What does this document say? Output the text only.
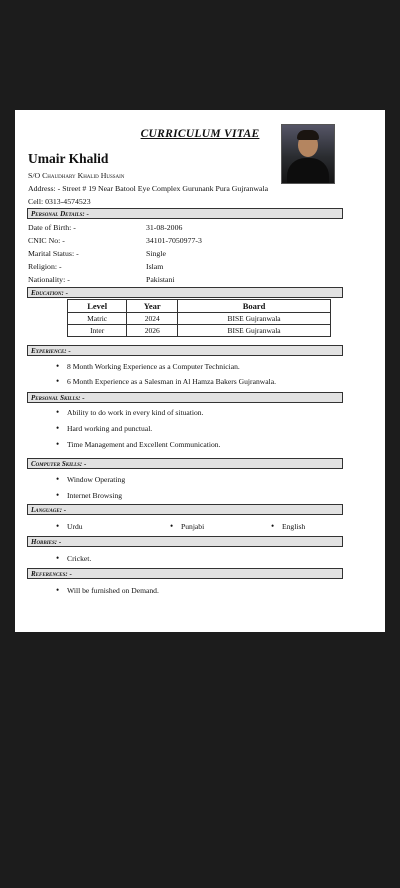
CURRICULUM VITAE
Umair Khalid
S/O Chaudhary Khalid Hussain
Address: - Street # 19 Near Batool Eye Complex Gurunank Pura Gujranwala
Cell: 0313-4574523
Personal Details: -
Date of Birth: -	31-08-2006
CNIC No: -	34101-7050977-3
Marital Status: -	Single
Religion: -	Islam
Nationality: -	Pakistani
Education: -
Level	Year	Board
Matric	2024	BISE Gujranwala
Inter	2026	BISE Gujranwala
Experience: -
• 8 Month Working Experience as a Computer Technician.
• 6 Month Experience as a Salesman in Al Hamza Bakers Gujranwala.
Personal Skills: -
• Ability to do work in every kind of situation.
• Hard working and punctual.
• Time Management and Excellent Communication.
Computer Skills: -
• Window Operating
• Internet Browsing
Language: -
• Urdu	• Punjabi	• English
Hobbies: -
• Cricket.
References: -
• Will be furnished on Demand.
